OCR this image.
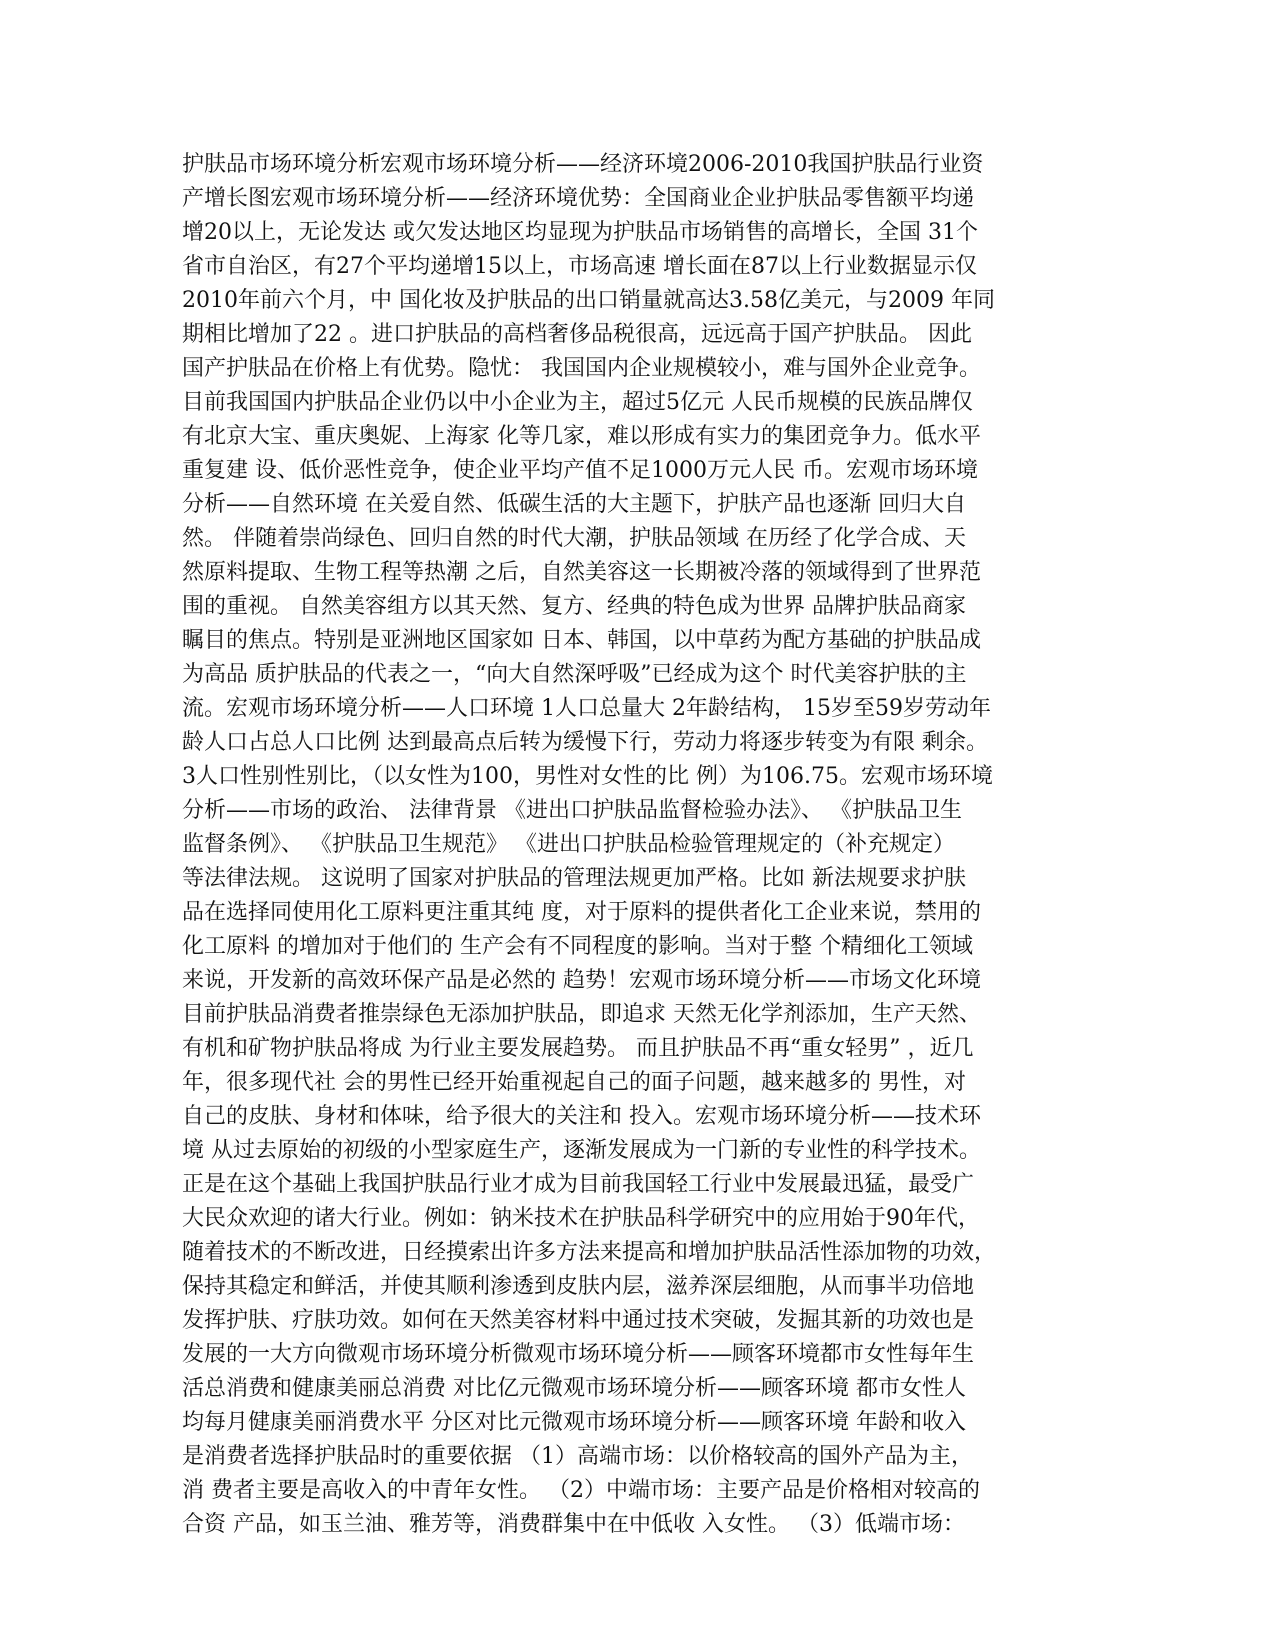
护肤品市场环境分析宏观市场环境分析——经济环境2006-2010我国护肤品行业资
产增长图宏观市场环境分析——经济环境优势：全国商业企业护肤品零售额平均递
增20以上，无论发达 或欠发达地区均显现为护肤品市场销售的高增长，全国 31个
省市自治区，有27个平均递增15以上，市场高速 增长面在87以上行业数据显示仅
2010年前六个月，中 国化妆及护肤品的出口销量就高达3.58亿美元，与2009 年同
期相比增加了22 。进口护肤品的高档奢侈品税很高，远远高于国产护肤品。 因此
国产护肤品在价格上有优势。隐忧： 我国国内企业规模较小，难与国外企业竞争。
目前我国国内护肤品企业仍以中小企业为主，超过5亿元 人民币规模的民族品牌仅
有北京大宝、重庆奥妮、上海家 化等几家，难以形成有实力的集团竞争力。低水平
重复建 设、低价恶性竞争，使企业平均产值不足1000万元人民 币。宏观市场环境
分析——自然环境 在关爱自然、低碳生活的大主题下，护肤产品也逐渐 回归大自
然。 伴随着崇尚绿色、回归自然的时代大潮，护肤品领域 在历经了化学合成、天
然原料提取、生物工程等热潮 之后，自然美容这一长期被冷落的领域得到了世界范
围的重视。 自然美容组方以其天然、复方、经典的特色成为世界 品牌护肤品商家
瞩目的焦点。特别是亚洲地区国家如 日本、韩国，以中草药为配方基础的护肤品成
为高品 质护肤品的代表之一，“向大自然深呼吸”已经成为这个 时代美容护肤的主
流。宏观市场环境分析——人口环境 1人口总量大 2年龄结构， 15岁至59岁劳动年
龄人口占总人口比例 达到最高点后转为缓慢下行，劳动力将逐步转变为有限 剩余。
3人口性别性别比，（以女性为100，男性对女性的比 例）为106.75。宏观市场环境
分析——市场的政治、 法律背景 《进出口护肤品监督检验办法》、 《护肤品卫生
监督条例》、 《护肤品卫生规范》 《进出口护肤品检验管理规定的（补充规定）
等法律法规。 这说明了国家对护肤品的管理法规更加严格。比如 新法规要求护肤
品在选择同使用化工原料更注重其纯 度，对于原料的提供者化工企业来说，禁用的
化工原料 的增加对于他们的 生产会有不同程度的影响。当对于整 个精细化工领域
来说，开发新的高效环保产品是必然的 趋势！宏观市场环境分析——市场文化环境
目前护肤品消费者推崇绿色无添加护肤品，即追求 天然无化学剂添加，生产天然、
有机和矿物护肤品将成 为行业主要发展趋势。 而且护肤品不再“重女轻男” ，近几
年，很多现代社 会的男性已经开始重视起自己的面子问题，越来越多的 男性，对
自己的皮肤、身材和体味，给予很大的关注和 投入。宏观市场环境分析——技术环
境 从过去原始的初级的小型家庭生产，逐渐发展成为一门新的专业性的科学技术。
正是在这个基础上我国护肤品行业才成为目前我国轻工行业中发展最迅猛，最受广
大民众欢迎的诸大行业。例如：钠米技术在护肤品科学研究中的应用始于90年代，
随着技术的不断改进，日经摸索出许多方法来提高和增加护肤品活性添加物的功效，
保持其稳定和鲜活，并使其顺利渗透到皮肤内层，滋养深层细胞，从而事半功倍地
发挥护肤、疗肤功效。如何在天然美容材料中通过技术突破，发掘其新的功效也是
发展的一大方向微观市场环境分析微观市场环境分析——顾客环境都市女性每年生
活总消费和健康美丽总消费 对比亿元微观市场环境分析——顾客环境 都市女性人
均每月健康美丽消费水平 分区对比元微观市场环境分析——顾客环境 年龄和收入
是消费者选择护肤品时的重要依据 （1）高端市场：以价格较高的国外产品为主，
消 费者主要是高收入的中青年女性。 （2）中端市场：主要产品是价格相对较高的
合资 产品，如玉兰油、雅芳等，消费群集中在中低收 入女性。 （3）低端市场：
